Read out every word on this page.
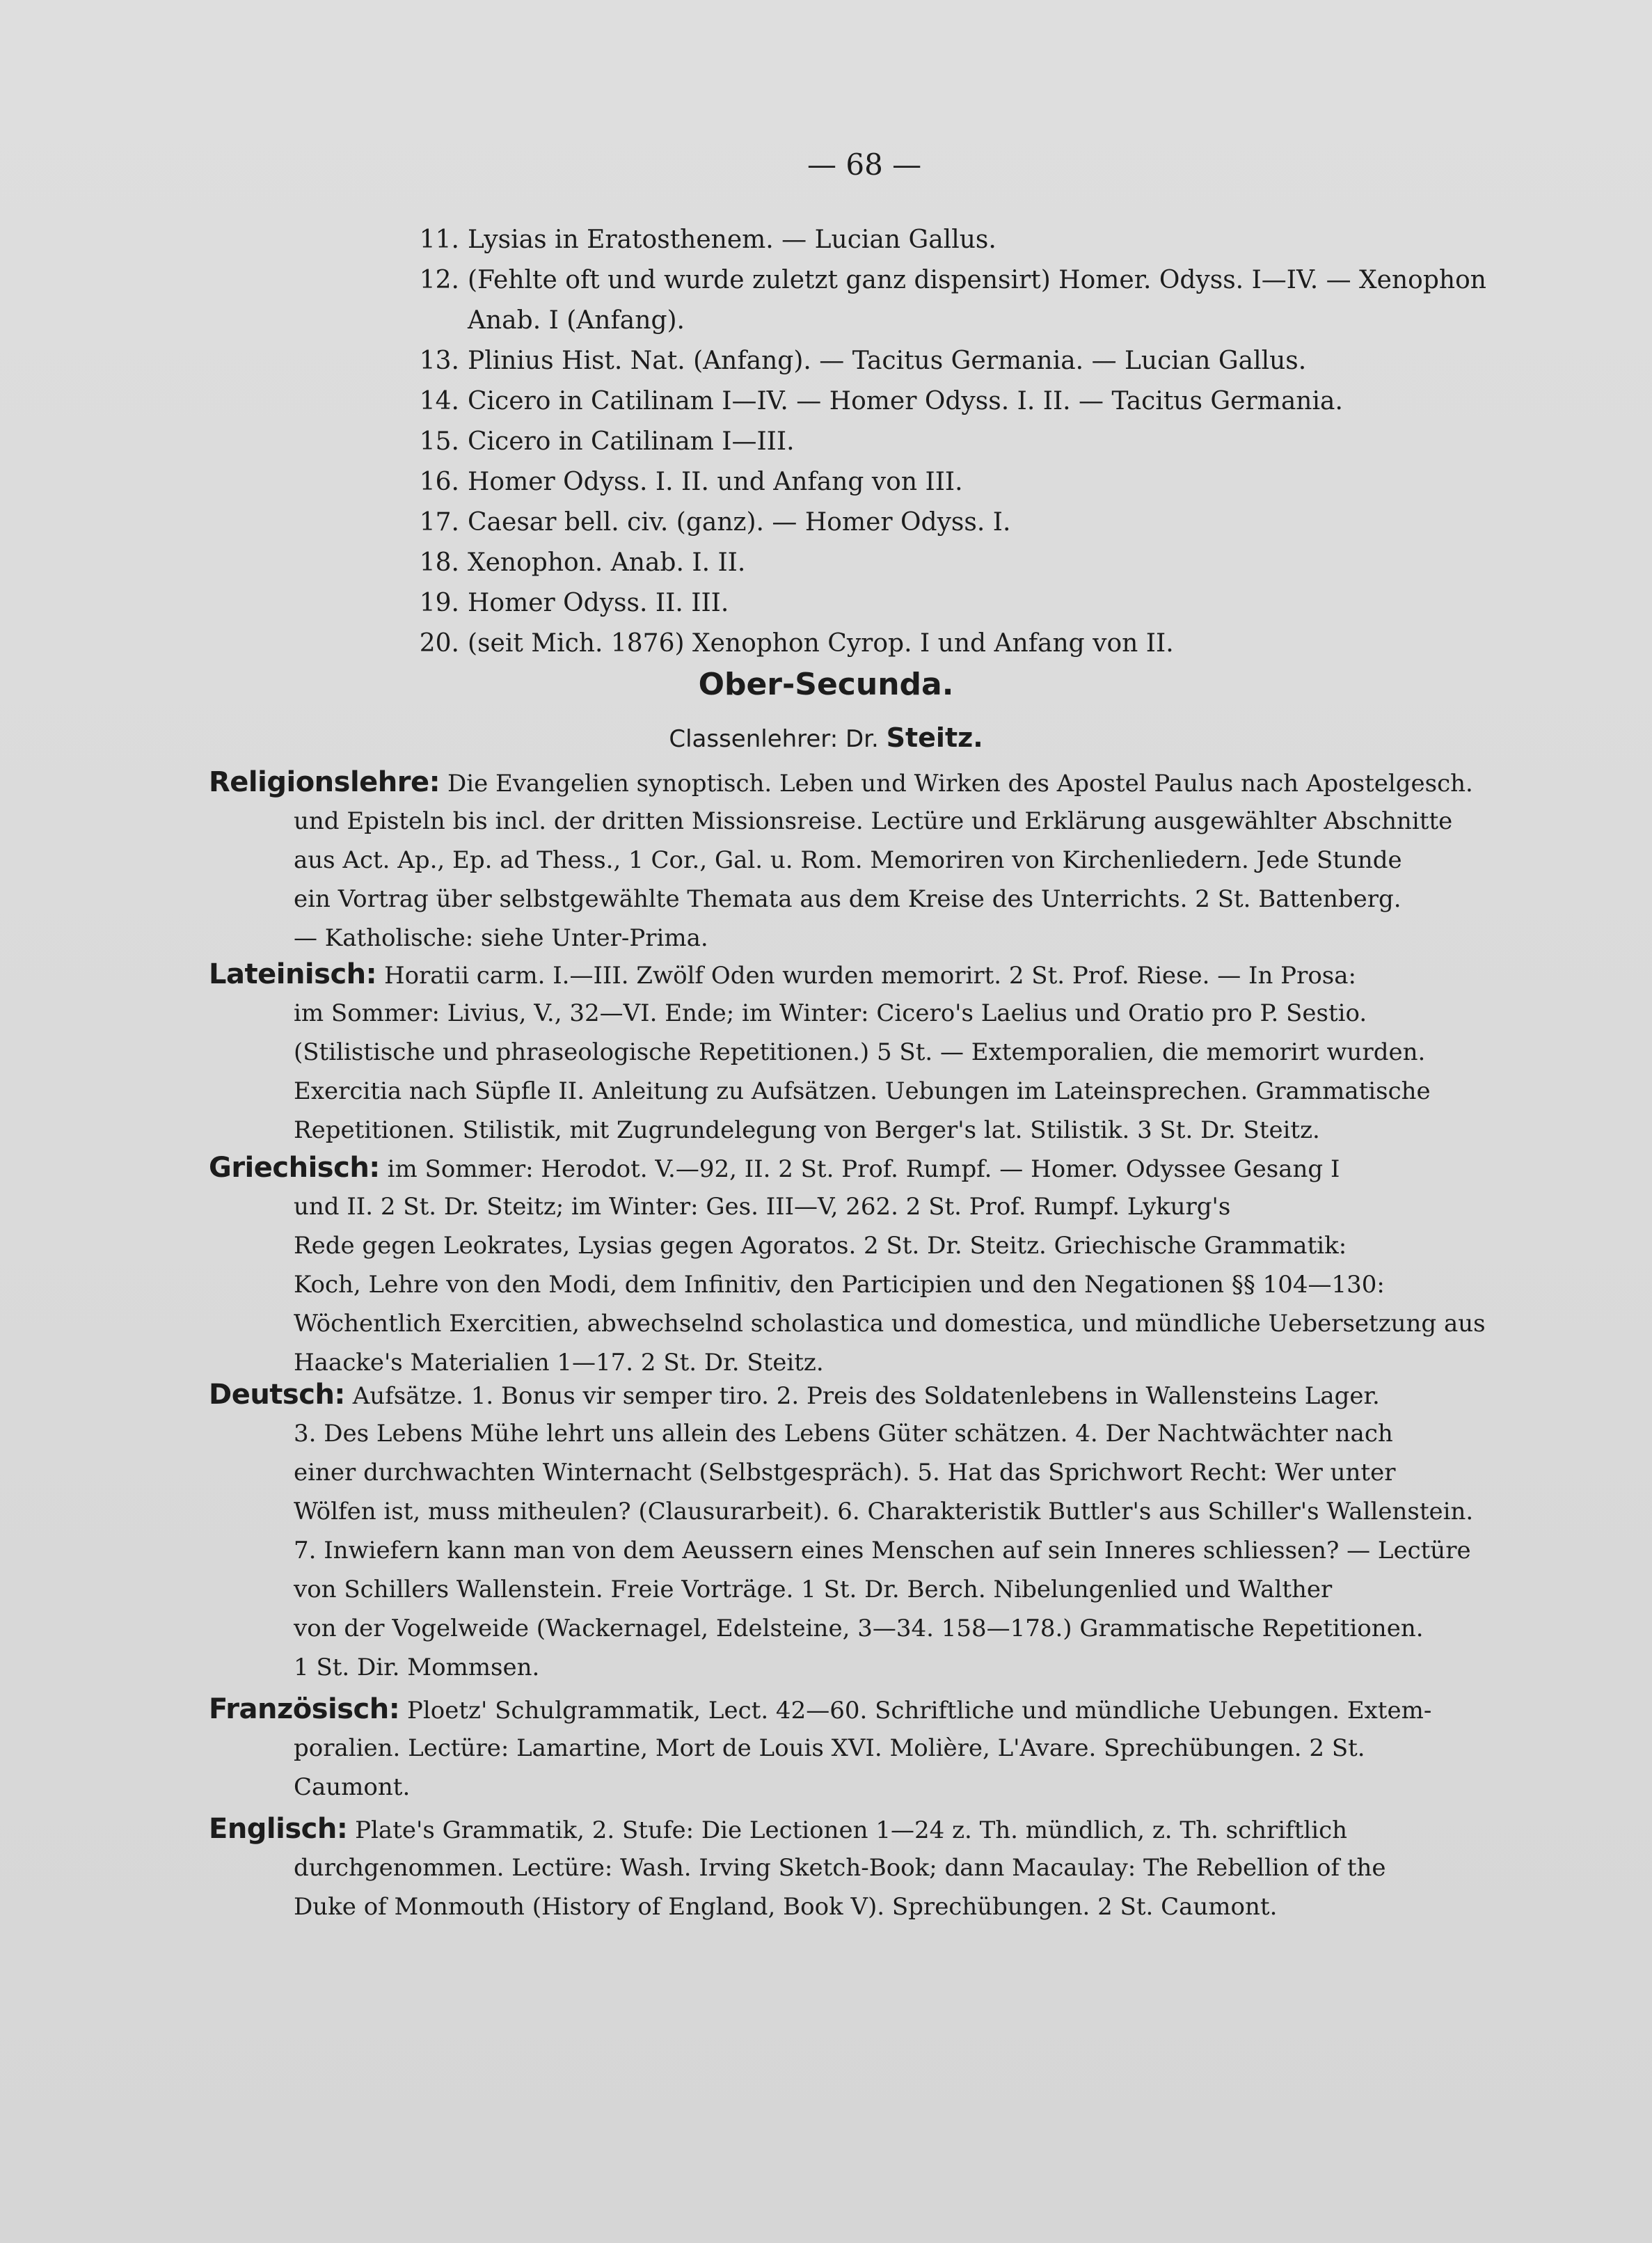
— 68 —
11. Lysias in Eratosthenem. — Lucian Gallus.
12. (Fehlte oft und wurde zuletzt ganz dispensirt) Homer. Odyss. I—IV. — Xenophon
Anab. I (Anfang).
13. Plinius Hist. Nat. (Anfang). — Tacitus Germania. — Lucian Gallus.
14. Cicero in Catilinam I—IV. — Homer Odyss. I. II. — Tacitus Germania.
15. Cicero in Catilinam I—III.
16. Homer Odyss. I. II. und Anfang von III.
17. Caesar bell. civ. (ganz). — Homer Odyss. I.
18. Xenophon. Anab. I. II.
19. Homer Odyss. II. III.
20. (seit Mich. 1876) Xenophon Cyrop. I und Anfang von II.
Ober-Secunda.
Classenlehrer: Dr. Steitz.
Religionslehre: Die Evangelien synoptisch. Leben und Wirken des Apostel Paulus nach Apostelgesch.
und Episteln bis incl. der dritten Missionsreise. Lectüre und Erklärung ausgewählter Abschnitte
aus Act. Ap., Ep. ad Thess., 1 Cor., Gal. u. Rom. Memoriren von Kirchenliedern. Jede Stunde
ein Vortrag über selbstgewählte Themata aus dem Kreise des Unterrichts. 2 St. Battenberg.
— Katholische: siehe Unter-Prima.
Lateinisch: Horatii carm. I.—III. Zwölf Oden wurden memorirt. 2 St. Prof. Riese. — In Prosa:
im Sommer: Livius, V., 32—VI. Ende; im Winter: Cicero's Laelius und Oratio pro P. Sestio.
(Stilistische und phraseologische Repetitionen.) 5 St. — Extemporalien, die memorirt wurden.
Exercitia nach Süpfle II. Anleitung zu Aufsätzen. Uebungen im Lateinsprechen. Grammatische
Repetitionen. Stilistik, mit Zugrundelegung von Berger's lat. Stilistik. 3 St. Dr. Steitz.
Griechisch: im Sommer: Herodot. V.—92, II. 2 St. Prof. Rumpf. — Homer. Odyssee Gesang I
und II. 2 St. Dr. Steitz; im Winter: Ges. III—V, 262. 2 St. Prof. Rumpf. Lykurg's
Rede gegen Leokrates, Lysias gegen Agoratos. 2 St. Dr. Steitz. Griechische Grammatik:
Koch, Lehre von den Modi, dem Infinitiv, den Participien und den Negationen §§ 104—130:
Wöchentlich Exercitien, abwechselnd scholastica und domestica, und mündliche Uebersetzung aus
Haacke's Materialien 1—17. 2 St. Dr. Steitz.
Deutsch: Aufsätze. 1. Bonus vir semper tiro. 2. Preis des Soldatenlebens in Wallensteins Lager.
3. Des Lebens Mühe lehrt uns allein des Lebens Güter schätzen. 4. Der Nachtwächter nach
einer durchwachten Winternacht (Selbstgespräch). 5. Hat das Sprichwort Recht: Wer unter
Wölfen ist, muss mitheulen? (Clausurarbeit). 6. Charakteristik Buttler's aus Schiller's Wallenstein.
7. Inwiefern kann man von dem Aeussern eines Menschen auf sein Inneres schliessen? — Lectüre
von Schillers Wallenstein. Freie Vorträge. 1 St. Dr. Berch. Nibelungenlied und Walther
von der Vogelweide (Wackernagel, Edelsteine, 3—34. 158—178.) Grammatische Repetitionen.
1 St. Dir. Mommsen.
Französisch: Ploetz' Schulgrammatik, Lect. 42—60. Schriftliche und mündliche Uebungen. Extem-
poralien. Lectüre: Lamartine, Mort de Louis XVI. Molière, L'Avare. Sprechübungen. 2 St.
Caumont.
Englisch: Plate's Grammatik, 2. Stufe: Die Lectionen 1—24 z. Th. mündlich, z. Th. schriftlich
durchgenommen. Lectüre: Wash. Irving Sketch-Book; dann Macaulay: The Rebellion of the
Duke of Monmouth (History of England, Book V). Sprechübungen. 2 St. Caumont.
